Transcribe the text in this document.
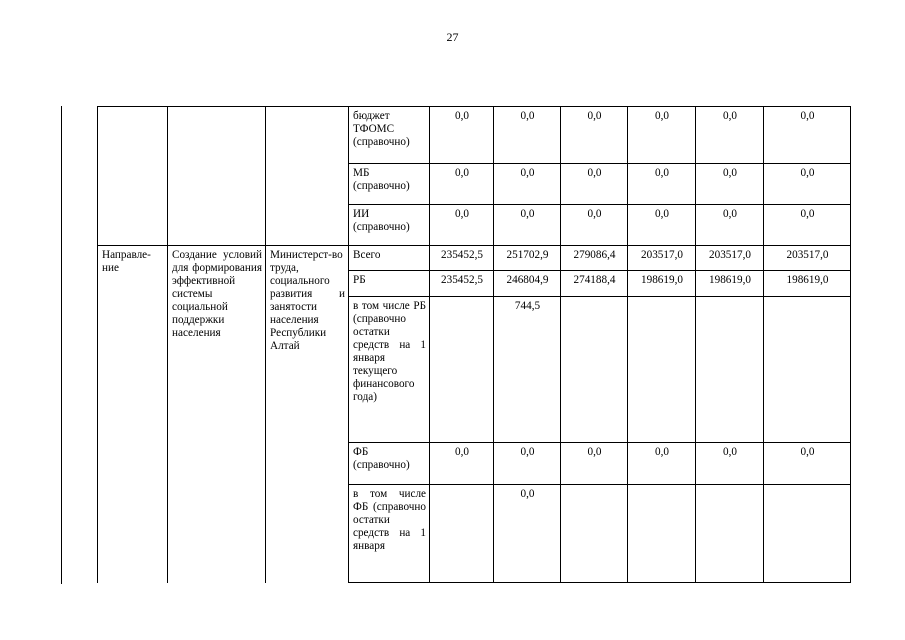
27
			бюджет ТФОМС (справочно)	0,0	0,0	0,0	0,0	0,0	0,0
			МБ (справочно)	0,0	0,0	0,0	0,0	0,0	0,0
			ИИ (справочно)	0,0	0,0	0,0	0,0	0,0	0,0
Направле-ние	Создание условий для формирования эффективной системы социальной поддержки населения	Министерст-во труда, социального развития и занятости населения Республики Алтай	Всего	235452,5	251702,9	279086,4	203517,0	203517,0	203517,0
			РБ	235452,5	246804,9	274188,4	198619,0	198619,0	198619,0
			в том числе РБ (справочно остатки средств на 1 января текущего финансового года)		744,5				
			ФБ (справочно)	0,0	0,0	0,0	0,0	0,0	0,0
			в том числе ФБ (справочно остатки средств на 1 января		0,0				
